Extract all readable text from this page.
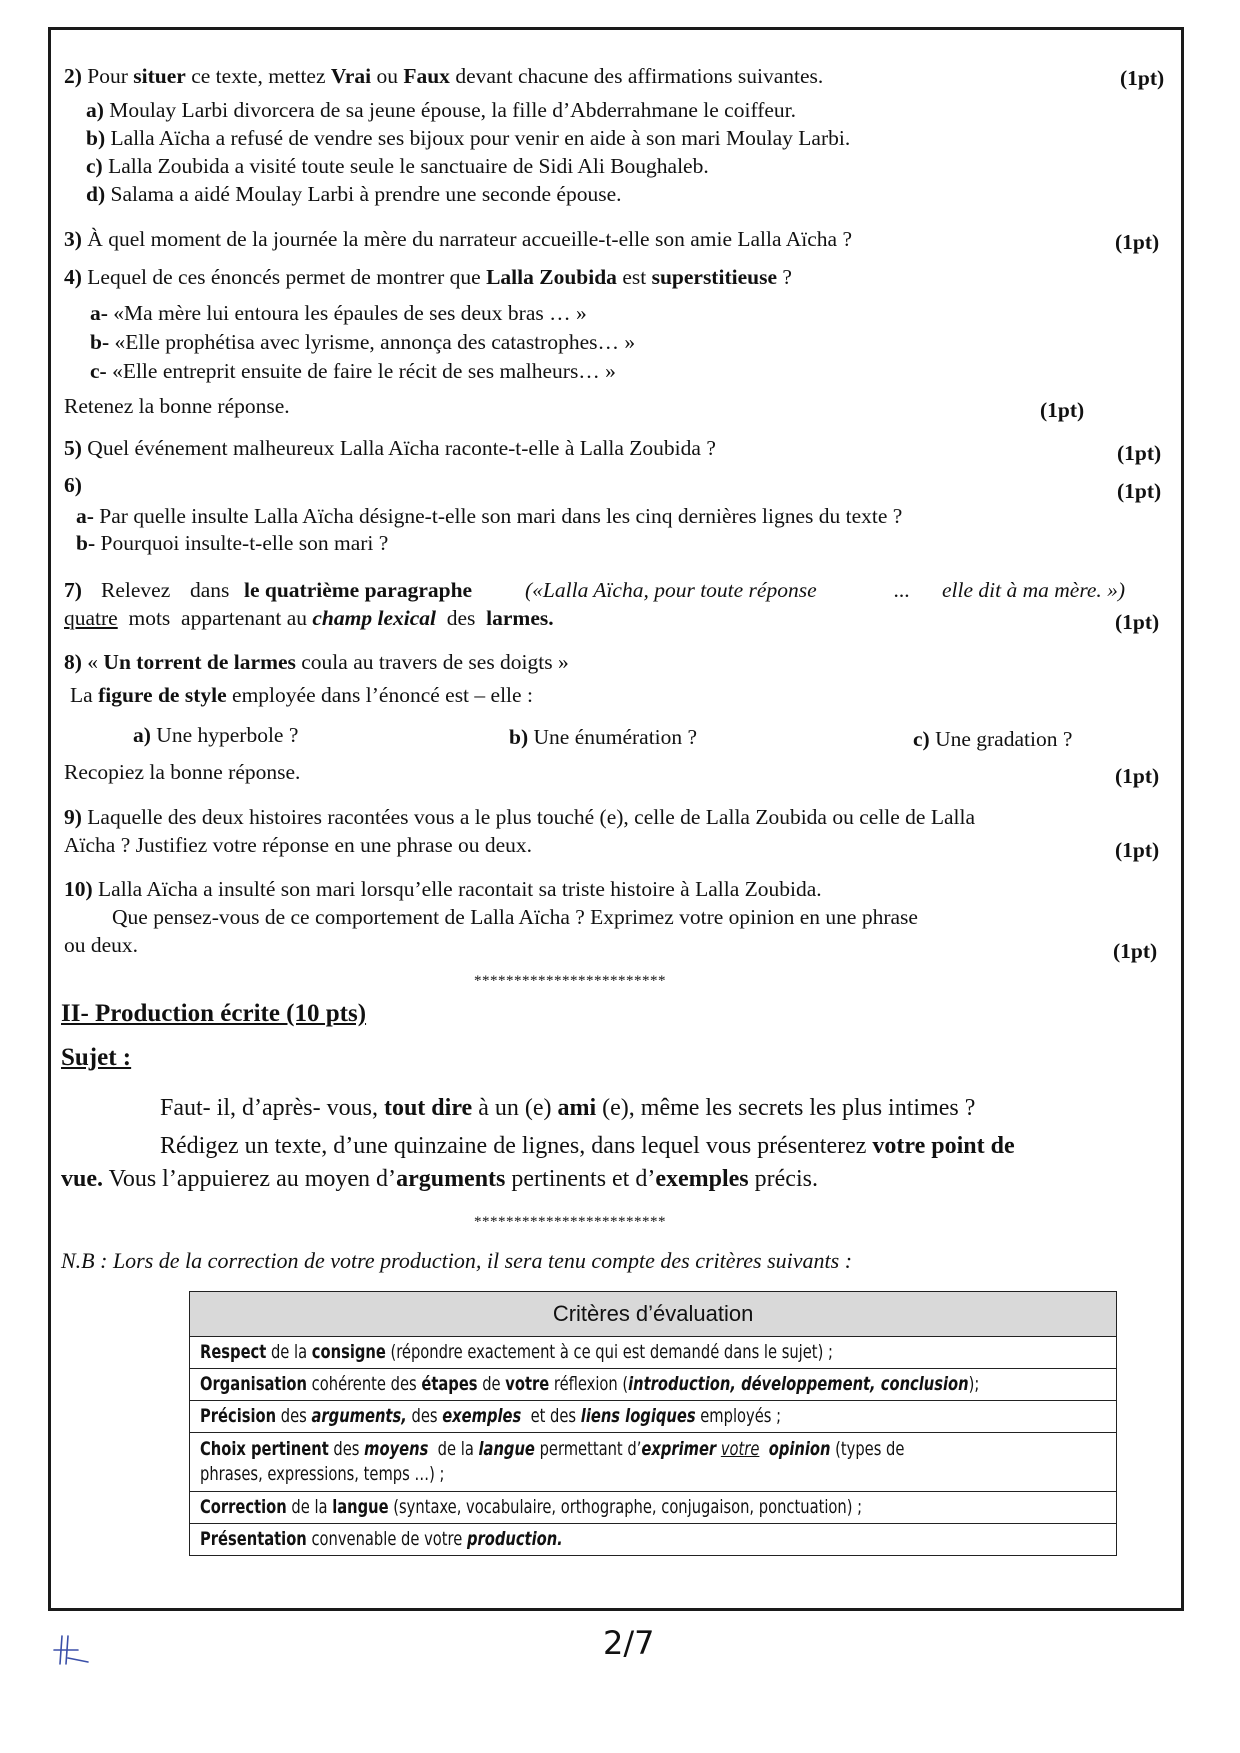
2) Pour situer ce texte, mettez Vrai ou Faux devant chacune des affirmations suivantes.	(1pt)
a) Moulay Larbi divorcera de sa jeune épouse, la fille d’Abderrahmane le coiffeur.
b) Lalla Aïcha a refusé de vendre ses bijoux pour venir en aide à son mari Moulay Larbi.
c) Lalla Zoubida a visité toute seule le sanctuaire de Sidi Ali Boughaleb.
d) Salama a aidé Moulay Larbi à prendre une seconde épouse.
3) À quel moment de la journée la mère du narrateur accueille-t-elle son amie Lalla Aïcha ?	(1pt)
4) Lequel de ces énoncés permet de montrer que Lalla Zoubida est superstitieuse ?
a- «Ma mère lui entoura les épaules de ses deux bras … »
b- «Elle prophétisa avec lyrisme, annonça des catastrophes… »
c- «Elle entreprit ensuite de faire le récit de ses malheurs… »
Retenez la bonne réponse.	(1pt)
5) Quel événement malheureux Lalla Aïcha raconte-t-elle à Lalla Zoubida ?	(1pt)
6)	(1pt)
a- Par quelle insulte Lalla Aïcha désigne-t-elle son mari dans les cinq dernières lignes du texte ?
b- Pourquoi insulte-t-elle son mari ?
7) Relevez dans le quatrième paragraphe («Lalla Aïcha, pour toute réponse	... elle dit à ma mère. »)
quatre mots appartenant au champ lexical des larmes.	(1pt)
8) « Un torrent de larmes coula au travers de ses doigts »
La figure de style employée dans l’énoncé est – elle :
a) Une hyperbole ?	b) Une énumération ?	c) Une gradation ?
Recopiez la bonne réponse.	(1pt)
9) Laquelle des deux histoires racontées vous a le plus touché (e), celle de Lalla Zoubida ou celle de Lalla
Aïcha ? Justifiez votre réponse en une phrase ou deux.	(1pt)
10) Lalla Aïcha a insulté son mari lorsqu’elle racontait sa triste histoire à Lalla Zoubida.
Que pensez-vous de ce comportement de Lalla Aïcha ? Exprimez votre opinion en une phrase
ou deux.	(1pt)
************************
II- Production écrite (10 pts)
Sujet :
Faut- il, d’après- vous, tout dire à un (e) ami (e), même les secrets les plus intimes ?
Rédigez un texte, d’une quinzaine de lignes, dans lequel vous présenterez votre point de
vue. Vous l’appuierez au moyen d’arguments pertinents et d’exemples précis.
************************
N.B : Lors de la correction de votre production, il sera tenu compte des critères suivants :
Critères d’évaluation
Respect de la consigne (répondre exactement à ce qui est demandé dans le sujet) ;
Organisation cohérente des étapes de votre réflexion (introduction, développement, conclusion);
Précision des arguments, des exemples et des liens logiques employés ;
Choix pertinent des moyens de la langue permettant d’exprimer votre opinion (types de
phrases, expressions, temps …) ;
Correction de la langue (syntaxe, vocabulaire, orthographe, conjugaison, ponctuation) ;
Présentation convenable de votre production.
2/7
